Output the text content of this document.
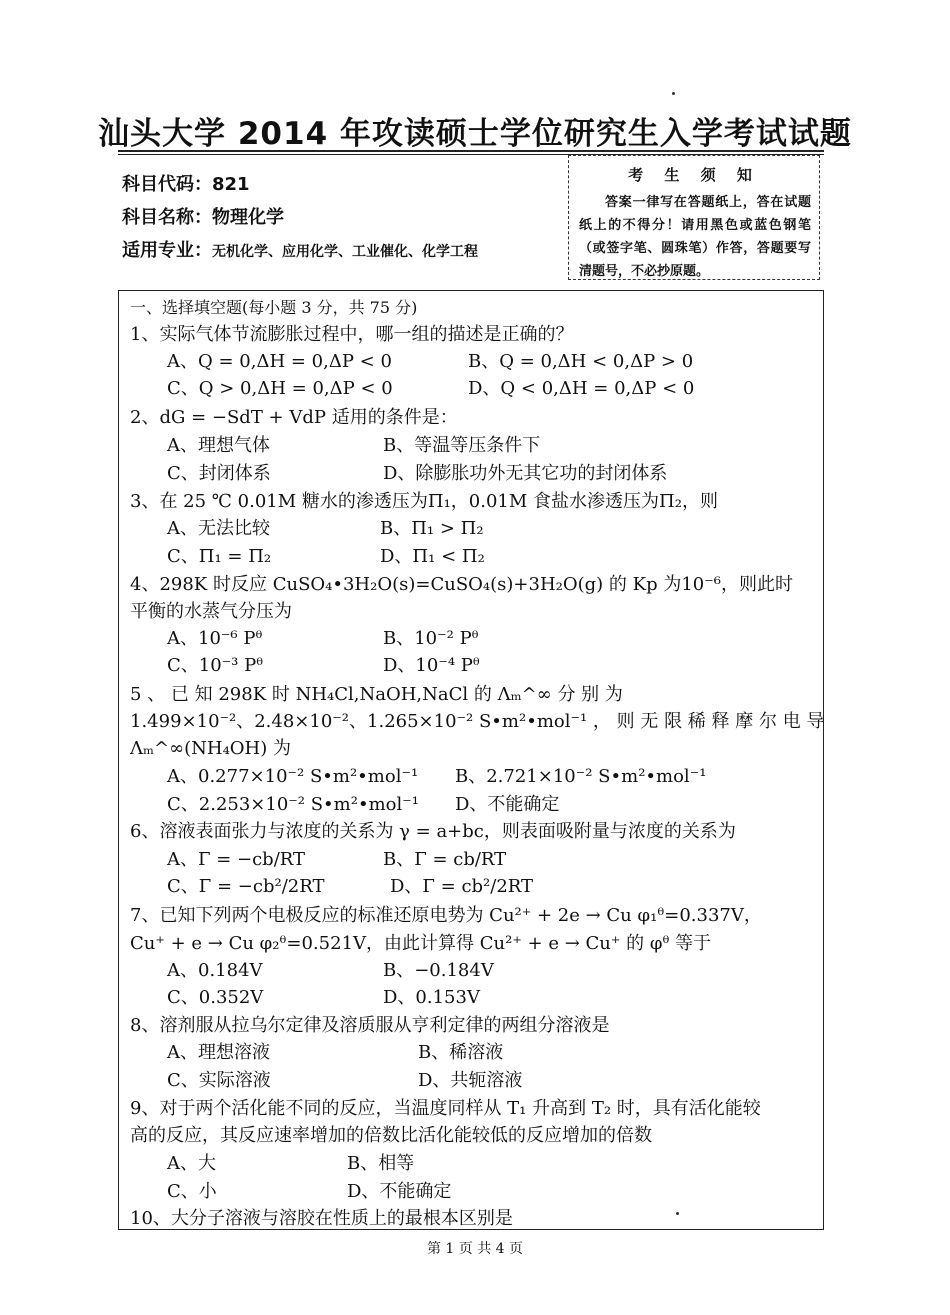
汕头大学 2014 年攻读硕士学位研究生入学考试试题
科目代码：821
科目名称：物理化学
适用专业：无机化学、应用化学、工业催化、化学工程
考 生 须 知
答案一律写在答题纸上，答在试题纸上的不得分！请用黑色或蓝色钢笔（或签字笔、圆珠笔）作答，答题要写清题号，不必抄原题。
一、选择填空题(每小题 3 分，共 75 分)
1、实际气体节流膨胀过程中，哪一组的描述是正确的？
A、Q = 0,ΔH = 0,ΔP < 0	B、Q = 0,ΔH < 0,ΔP > 0
C、Q > 0,ΔH = 0,ΔP < 0	D、Q < 0,ΔH = 0,ΔP < 0
2、dG = −SdT + VdP 适用的条件是：
A、理想气体	B、等温等压条件下
C、封闭体系	D、除膨胀功外无其它功的封闭体系
3、在 25 ℃ 0.01M 糖水的渗透压为Π₁，0.01M 食盐水渗透压为Π₂，则
A、无法比较	B、Π₁ > Π₂
C、Π₁ = Π₂	D、Π₁ < Π₂
4、298K 时反应 CuSO₄•3H₂O(s)=CuSO₄(s)+3H₂O(g) 的 Kp 为10⁻⁶，则此时
平衡的水蒸气分压为
A、10⁻⁶ Pᶿ	B、10⁻² Pᶿ
C、10⁻³ Pᶿ	D、10⁻⁴ Pᶿ
5 、 已 知 298K 时 NH₄Cl,NaOH,NaCl 的 Λₘ^∞ 分 别 为
1.499×10⁻²、2.48×10⁻²、1.265×10⁻² S•m²•mol⁻¹ ， 则 无 限 稀 释 摩 尔 电 导
Λₘ^∞(NH₄OH) 为
A、0.277×10⁻² S•m²•mol⁻¹ B、2.721×10⁻² S•m²•mol⁻¹
C、2.253×10⁻² S•m²•mol⁻¹ D、不能确定
6、溶液表面张力与浓度的关系为 γ = a+bc，则表面吸附量与浓度的关系为
A、Γ = −cb/RT	B、Γ = cb/RT
C、Γ = −cb²/2RT	D、Γ = cb²/2RT
7、已知下列两个电极反应的标准还原电势为 Cu²⁺ + 2e → Cu φ₁ᶿ=0.337V，
Cu⁺ + e → Cu φ₂ᶿ=0.521V，由此计算得 Cu²⁺ + e → Cu⁺ 的 φᶿ 等于
A、0.184V	B、−0.184V
C、0.352V	D、0.153V
8、溶剂服从拉乌尔定律及溶质服从亨利定律的两组分溶液是
A、理想溶液	B、稀溶液
C、实际溶液	D、共轭溶液
9、对于两个活化能不同的反应，当温度同样从 T₁ 升高到 T₂ 时，具有活化能较
高的反应，其反应速率增加的倍数比活化能较低的反应增加的倍数
A、大	B、相等
C、小	D、不能确定
10、大分子溶液与溶胶在性质上的最根本区别是
第 1 页 共 4 页
